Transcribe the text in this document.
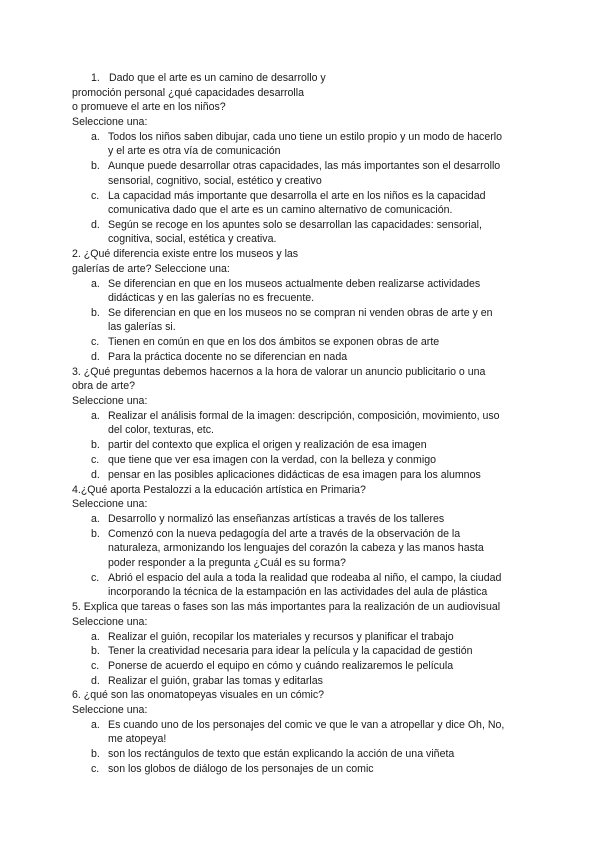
1. Dado que el arte es un camino de desarrollo y
promoción personal ¿qué capacidades desarrolla
o promueve el arte en los niños?
Seleccione una:
a. Todos los niños saben dibujar, cada uno tiene un estilo propio y un modo de hacerlo
y el arte es otra vía de comunicación
b. Aunque puede desarrollar otras capacidades, las más importantes son el desarrollo
sensorial, cognitivo, social, estético y creativo
c. La capacidad más importante que desarrolla el arte en los niños es la capacidad
comunicativa dado que el arte es un camino alternativo de comunicación.
d. Según se recoge en los apuntes solo se desarrollan las capacidades: sensorial,
cognitiva, social, estética y creativa.
2. ¿Qué diferencia existe entre los museos y las
galerías de arte? Seleccione una:
a. Se diferencian en que en los museos actualmente deben realizarse actividades
didácticas y en las galerías no es frecuente.
b. Se diferencian en que en los museos no se compran ni venden obras de arte y en
las galerías si.
c. Tienen en común en que en los dos ámbitos se exponen obras de arte
d. Para la práctica docente no se diferencian en nada
3. ¿Qué preguntas debemos hacernos a la hora de valorar un anuncio publicitario o una
obra de arte?
Seleccione una:
a. Realizar el análisis formal de la imagen: descripción, composición, movimiento, uso
del color, texturas, etc.
b. partir del contexto que explica el origen y realización de esa imagen
c. que tiene que ver esa imagen con la verdad, con la belleza y conmigo
d. pensar en las posibles aplicaciones didácticas de esa imagen para los alumnos
4.¿Qué aporta Pestalozzi a la educación artística en Primaria?
Seleccione una:
a. Desarrollo y normalizó las enseñanzas artísticas a través de los talleres
b. Comenzó con la nueva pedagogía del arte a través de la observación de la
naturaleza, armonizando los lenguajes del corazón la cabeza y las manos hasta
poder responder a la pregunta ¿Cuál es su forma?
c. Abrió el espacio del aula a toda la realidad que rodeaba al niño, el campo, la ciudad
incorporando la técnica de la estampación en las actividades del aula de plástica
5. Explica que tareas o fases son las más importantes para la realización de un audiovisual
Seleccione una:
a. Realizar el guión, recopilar los materiales y recursos y planificar el trabajo
b. Tener la creatividad necesaria para idear la película y la capacidad de gestión
c. Ponerse de acuerdo el equipo en cómo y cuándo realizaremos le película
d. Realizar el guión, grabar las tomas y editarlas
6. ¿qué son las onomatopeyas visuales en un cómic?
Seleccione una:
a. Es cuando uno de los personajes del comic ve que le van a atropellar y dice Oh, No,
me atopeya!
b. son los rectángulos de texto que están explicando la acción de una viñeta
c. son los globos de diálogo de los personajes de un comic
